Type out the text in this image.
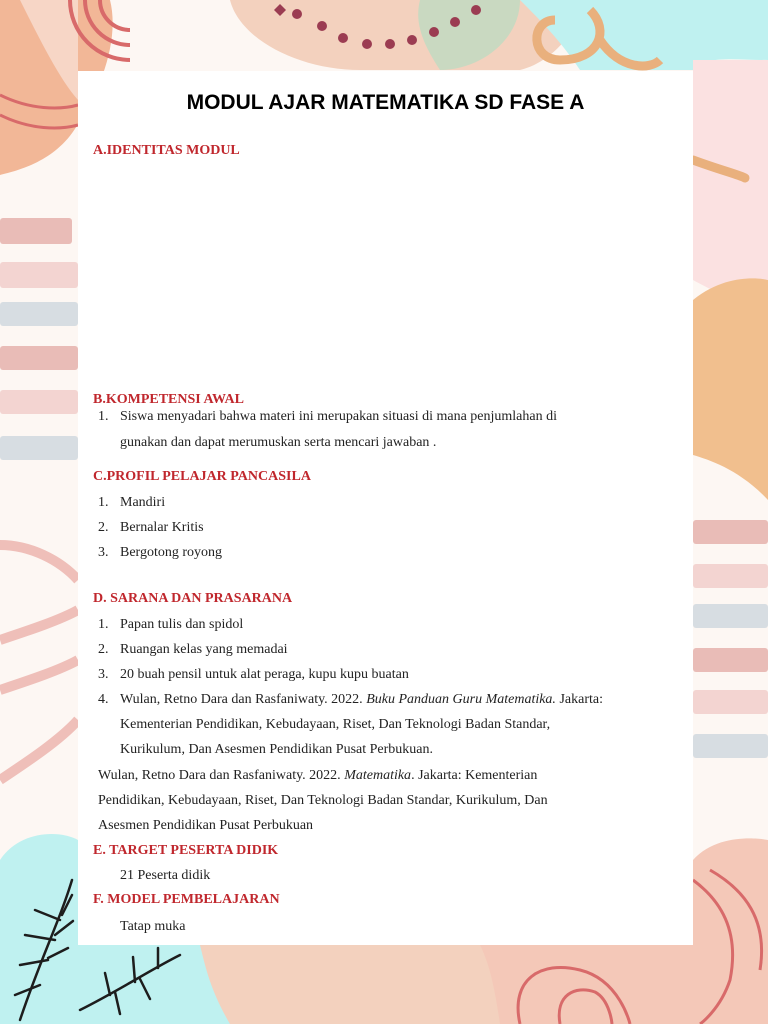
MODUL AJAR MATEMATIKA SD FASE A
A.IDENTITAS MODUL
B.KOMPETENSI AWAL

1. Siswa menyadari bahwa materi ini merupakan situasi di mana penjumlahan di

gunakan dan dapat merumuskan serta mencari jawaban .

C.PROFIL PELAJAR PANCASILA

1. Mandiri

2. Bernalar Kritis

3. Bergotong royong

D. SARANA DAN PRASARANA

1. Papan tulis dan spidol

2. Ruangan kelas yang memadai

3. 20 buah pensil untuk alat peraga, kupu kupu buatan

4. Wulan, Retno Dara dan Rasfaniwaty. 2022. Buku Panduan Guru Matematika. Jakarta:

Kementerian Pendidikan, Kebudayaan, Riset, Dan Teknologi Badan Standar,

Kurikulum, Dan Asesmen Pendidikan Pusat Perbukuan.

Wulan, Retno Dara dan Rasfaniwaty. 2022. Matematika. Jakarta: Kementerian

Pendidikan, Kebudayaan, Riset, Dan Teknologi Badan Standar, Kurikulum, Dan

Asesmen Pendidikan Pusat Perbukuan

E. TARGET PESERTA DIDIK

21 Peserta didik

F. MODEL PEMBELAJARAN

Tatap muka
